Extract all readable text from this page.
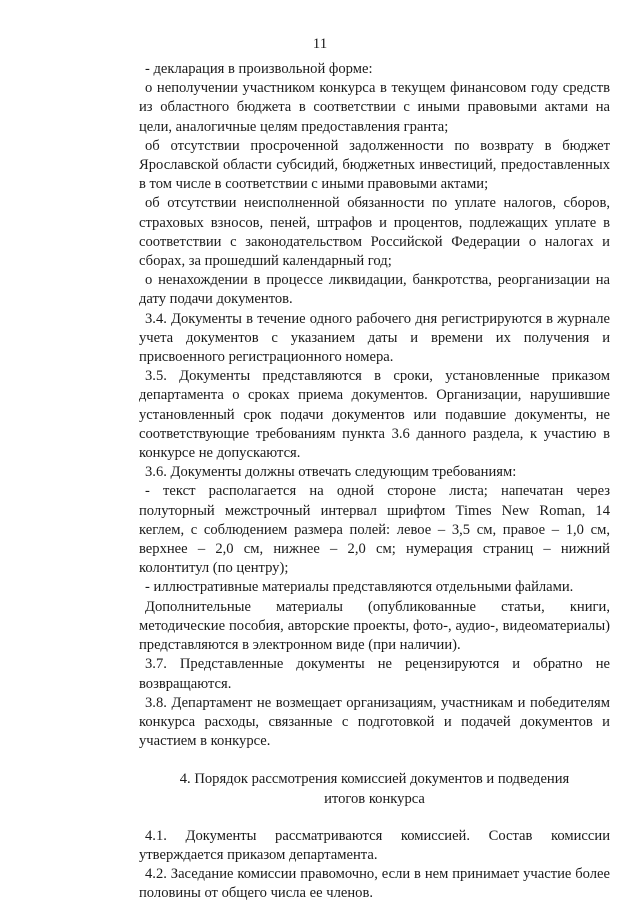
11

- декларация в произвольной форме:

о неполучении участником конкурса в текущем финансовом году средств из областного бюджета в соответствии с иными правовыми актами на цели, аналогичные целям предоставления гранта;

об отсутствии просроченной задолженности по возврату в бюджет Ярославской области субсидий, бюджетных инвестиций, предоставленных в том числе в соответствии с иными правовыми актами;

об отсутствии неисполненной обязанности по уплате налогов, сборов, страховых взносов, пеней, штрафов и процентов, подлежащих уплате в соответствии с законодательством Российской Федерации о налогах и сборах, за прошедший календарный год;

о ненахождении в процессе ликвидации, банкротства, реорганизации на дату подачи документов.

3.4. Документы в течение одного рабочего дня регистрируются в журнале учета документов с указанием даты и времени их получения и присвоенного регистрационного номера.

3.5. Документы представляются в сроки, установленные приказом департамента о сроках приема документов. Организации, нарушившие установленный срок подачи документов или подавшие документы, не соответствующие требованиям пункта 3.6 данного раздела, к участию в конкурсе не допускаются.

3.6. Документы должны отвечать следующим требованиям:

- текст располагается на одной стороне листа; напечатан через полуторный межстрочный интервал шрифтом Times New Roman, 14 кеглем, с соблюдением размера полей: левое – 3,5 см, правое – 1,0 см, верхнее – 2,0 см, нижнее – 2,0 см; нумерация страниц – нижний колонтитул (по центру);

- иллюстративные материалы представляются отдельными файлами.

Дополнительные материалы (опубликованные статьи, книги, методические пособия, авторские проекты, фото-, аудио-, видеоматериалы) представляются в электронном виде (при наличии).

3.7. Представленные документы не рецензируются и обратно не возвращаются.

3.8. Департамент не возмещает организациям, участникам и победителям конкурса расходы, связанные с подготовкой и подачей документов и участием в конкурсе.

4. Порядок рассмотрения комиссией документов и подведения
итогов конкурса

4.1. Документы рассматриваются комиссией. Состав комиссии утверждается приказом департамента.

4.2. Заседание комиссии правомочно, если в нем принимает участие более половины от общего числа ее членов.
